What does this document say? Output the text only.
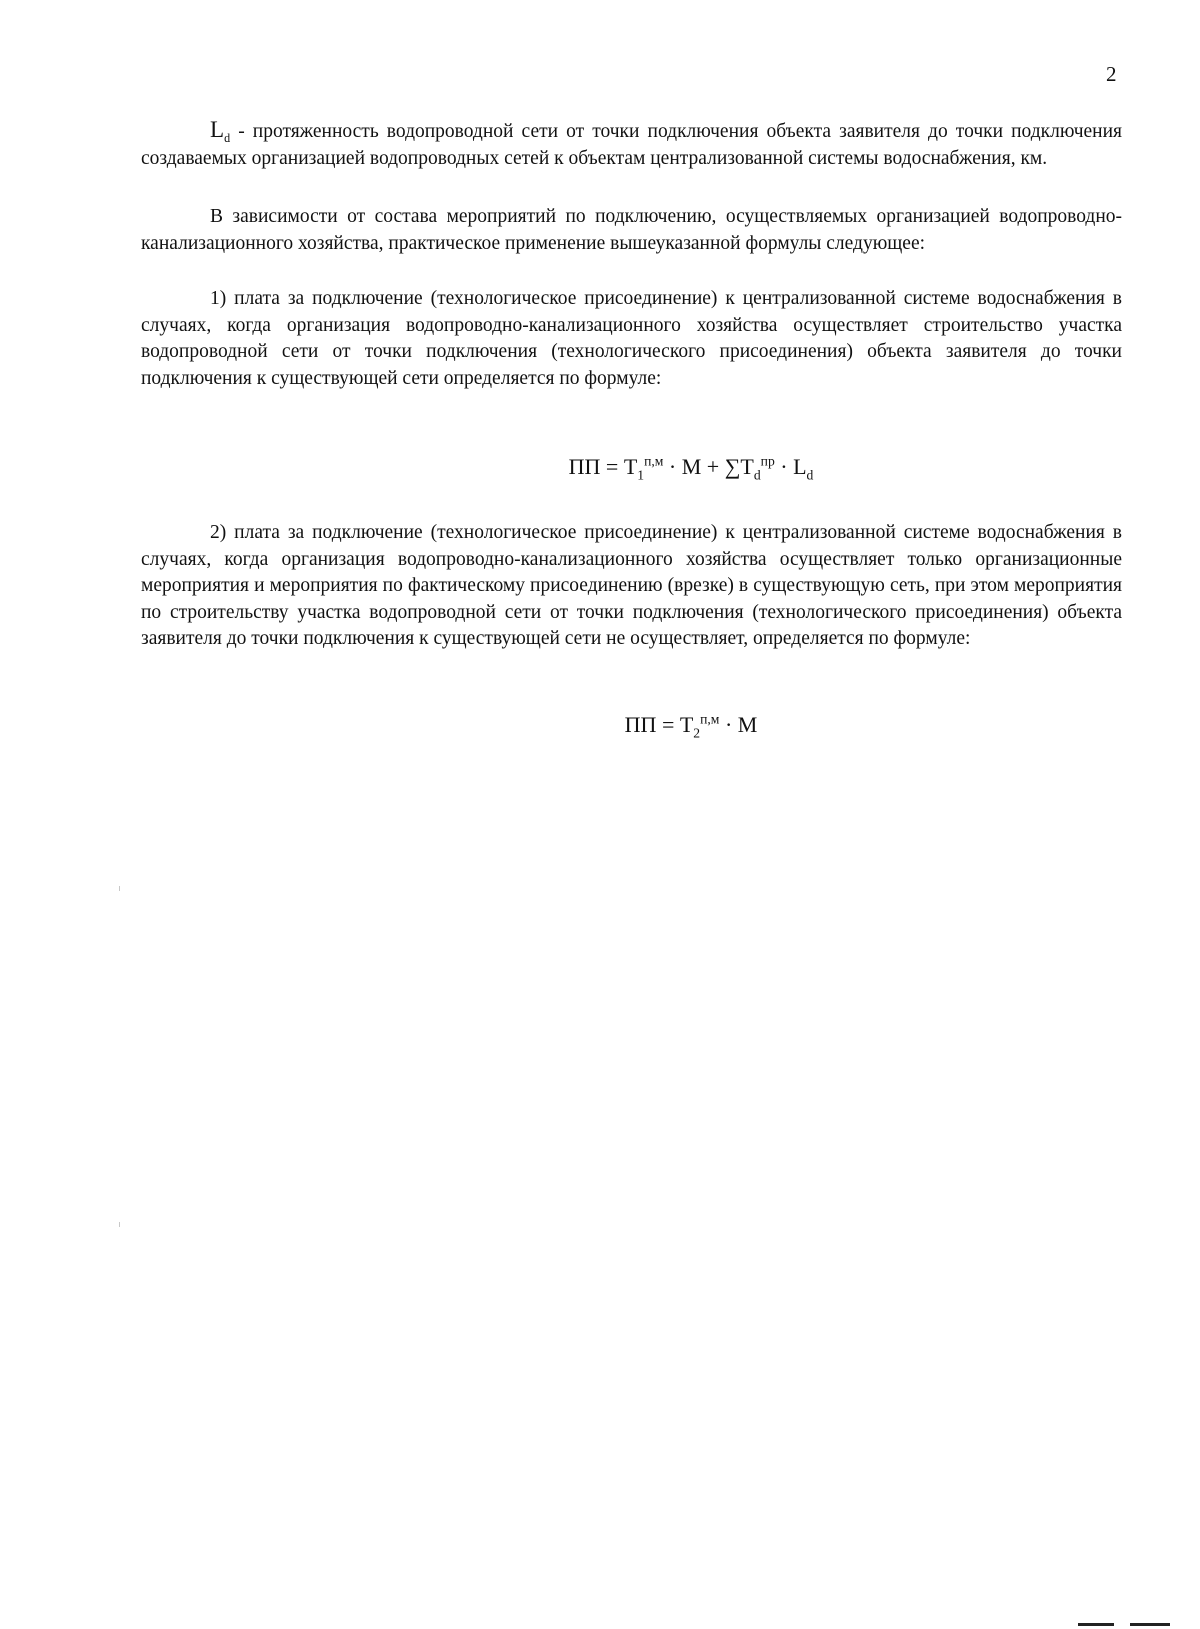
2

$L_d$ - протяженность водопроводной сети от точки подключения объекта заявителя до точки подключения создаваемых организацией водопроводных сетей к объектам централизованной системы водоснабжения, км.

В зависимости от состава мероприятий по подключению, осуществляемых организацией водопроводно-канализационного хозяйства, практическое применение вышеуказанной формулы следующее:

1) плата за подключение (технологическое присоединение) к централизованной системе водоснабжения в случаях, когда организация водопроводно-канализационного хозяйства осуществляет строительство участка водопроводной сети от точки подключения (технологического присоединения) объекта заявителя до точки подключения к существующей сети определяется по формуле:

ПП = $Т_1^{п,м} \cdot М + \sum Т_d^{пр} \cdot L_d$

2) плата за подключение (технологическое присоединение) к централизованной системе водоснабжения в случаях, когда организация водопроводно-канализационного хозяйства осуществляет только организационные мероприятия и мероприятия по фактическому присоединению (врезке) в существующую сеть, при этом мероприятия по строительству участка водопроводной сети от точки подключения (технологического присоединения) объекта заявителя до точки подключения к существующей сети не осуществляет, определяется по формуле:

ПП = $Т_2^{п,м} \cdot М$
